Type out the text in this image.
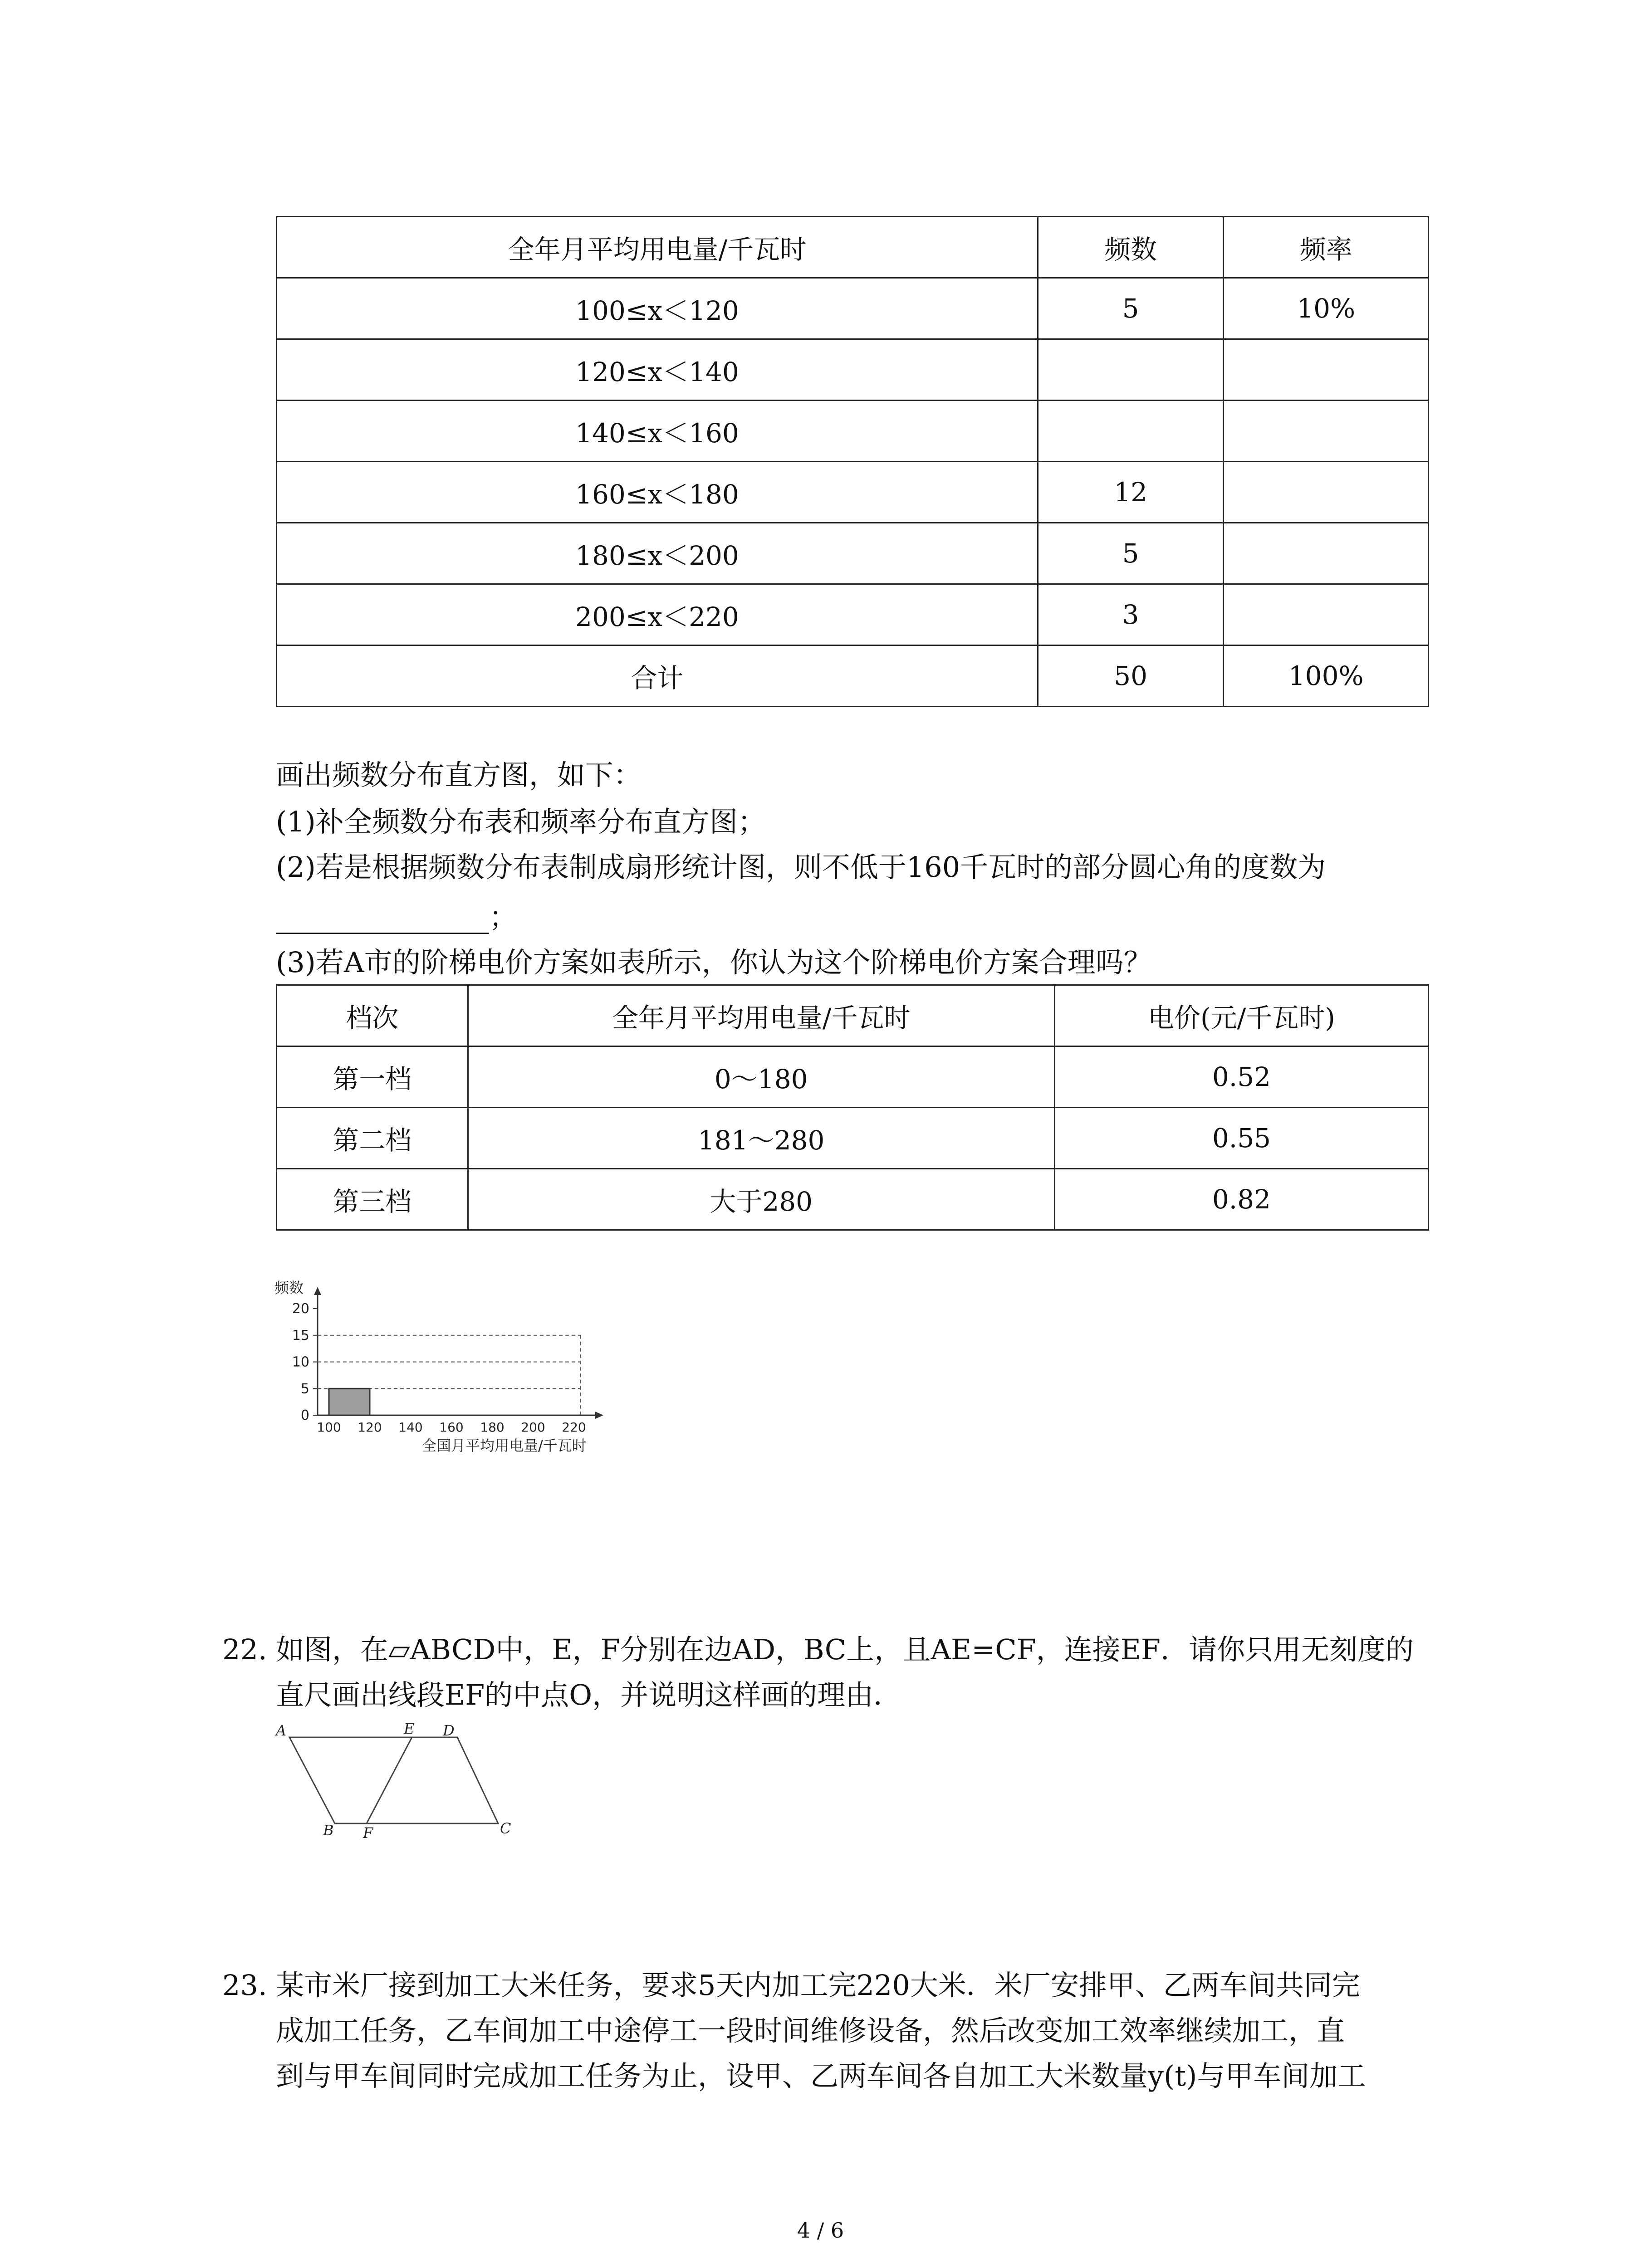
全年月平均用电量/千瓦时	频数	频率
100≤x＜120	5	10%
120≤x＜140		
140≤x＜160		
160≤x＜180	12	
180≤x＜200	5	
200≤x＜220	3	
合计	50	100%
画出频数分布直方图，如下：
(1)补全频数分布表和频率分布直方图；
(2)若是根据频数分布表制成扇形统计图，则不低于160千瓦时的部分圆心角的度数为
；
(3)若A市的阶梯电价方案如表所示，你认为这个阶梯电价方案合理吗？
档次	全年月平均用电量/千瓦时	电价(元/千瓦时)
第一档	0～180	0.52
第二档	181～280	0.55
第三档	大于280	0.82
0
5
10
15
20
100 120 140 160 180 200 220
频数
全国月平均用电量/千瓦时
22. 如图，在▱ABCD中，E，F分别在边AD，BC上，且AE=CF，连接EF．请你只用无刻度的
直尺画出线段EF的中点O，并说明这样画的理由．
A	E D
B F	C
23. 某市米厂接到加工大米任务，要求5天内加工完220大米．米厂安排甲、乙两车间共同完
成加工任务，乙车间加工中途停工一段时间维修设备，然后改变加工效率继续加工，直
到与甲车间同时完成加工任务为止，设甲、乙两车间各自加工大米数量y(t)与甲车间加工
4 / 6
